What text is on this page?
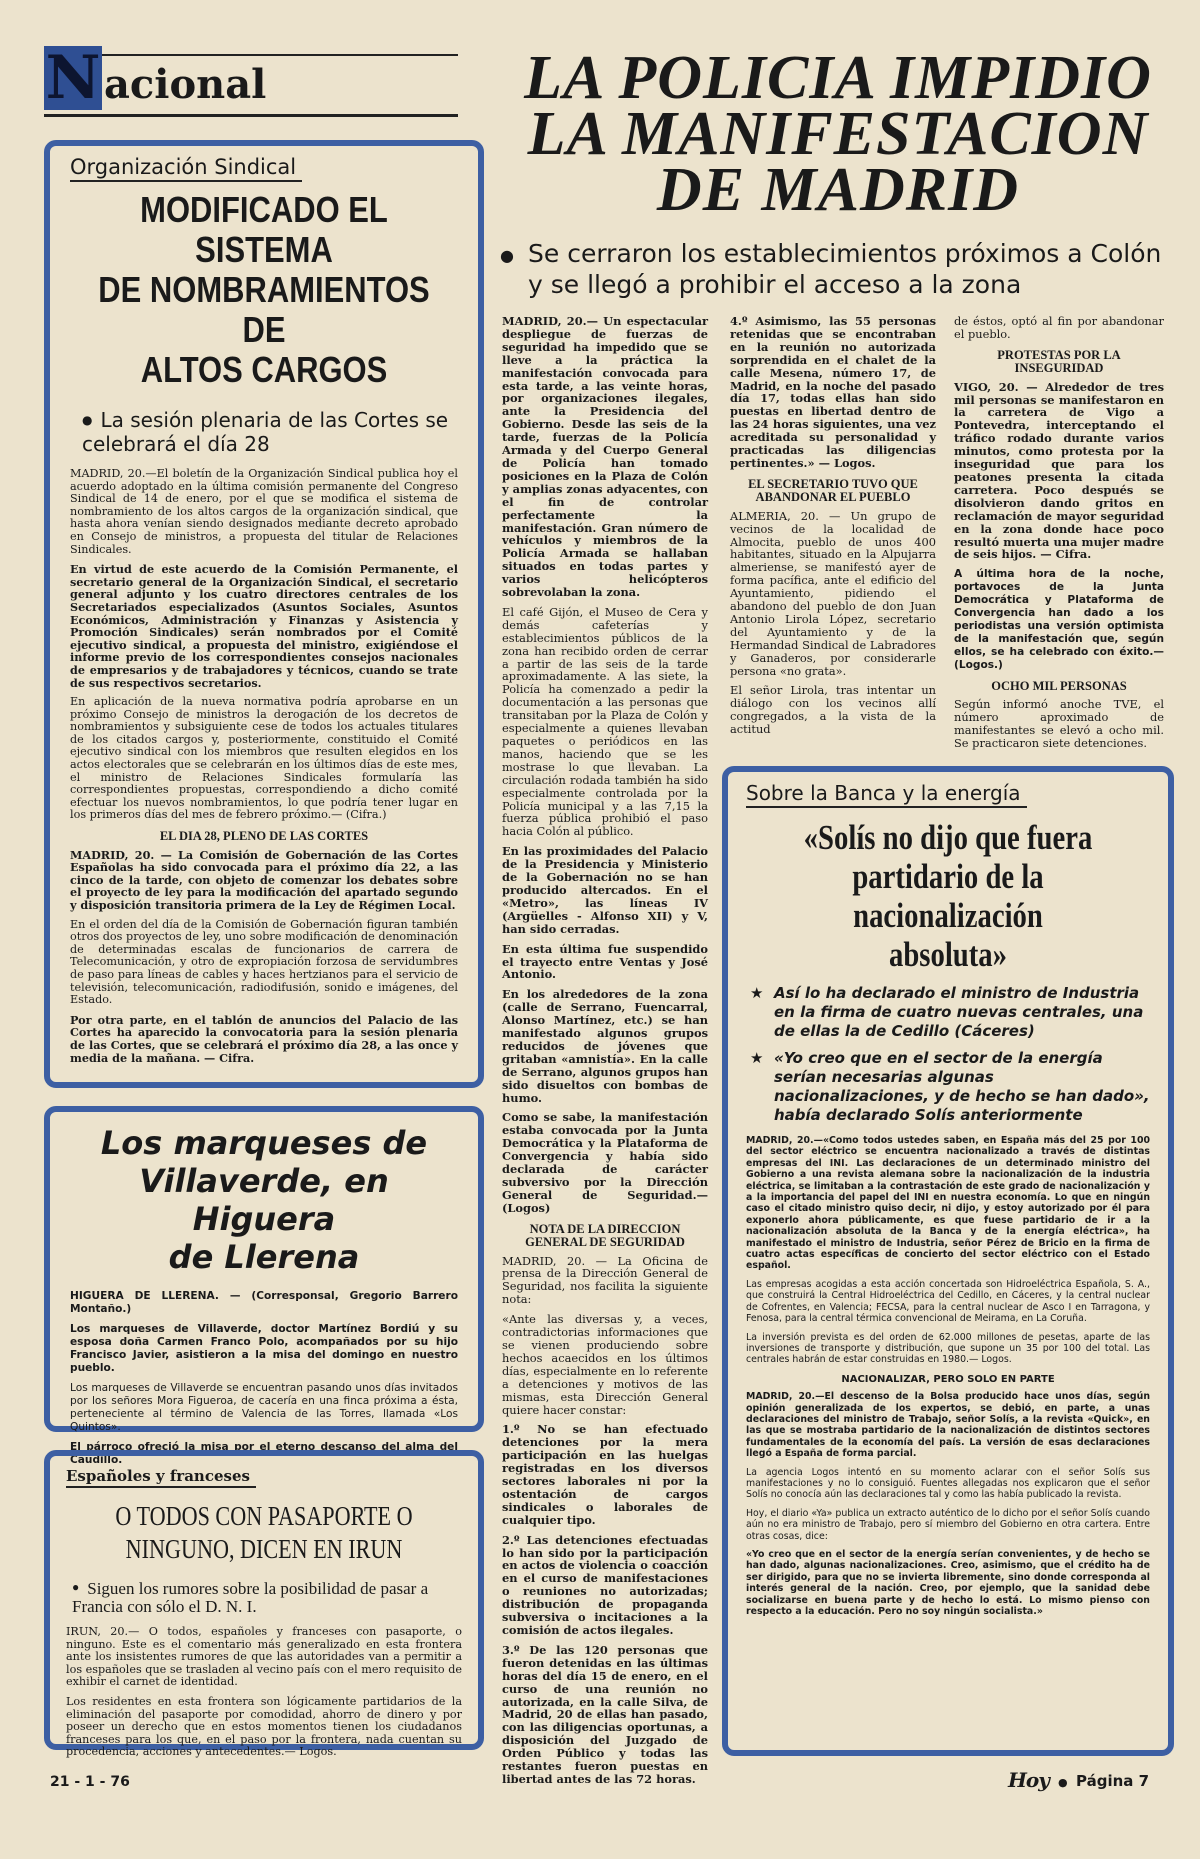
N acional	LA POLICIA IMPIDIO
LA MANIFESTACION
DE MADRID
● Se cerraron los establecimientos próximos a Colón y se llegó a prohibir el acceso a la zona

MADRID, 20.— Un espectacular despliegue de fuerzas de seguridad ha impedido que se lleve a la práctica la manifestación convocada para esta tarde, a las veinte horas, por organizaciones ilegales, ante la Presidencia del Gobierno. Desde las seis de la tarde, fuerzas de la Policía Armada y del Cuerpo General de Policía han tomado posiciones en la Plaza de Colón y amplias zonas adyacentes, con el fin de controlar perfectamente la manifestación. Gran número de vehículos y miembros de la Policía Armada se hallaban situados en todas partes y varios helicópteros sobrevolaban la zona.

El café Gijón, el Museo de Cera y demás cafeterías y establecimientos públicos de la zona han recibido orden de cerrar a partir de las seis de la tarde aproximadamente. A las siete, la Policía ha comenzado a pedir la documentación a las personas que transitaban por la Plaza de Colón y especialmente a quienes llevaban paquetes o periódicos en las manos, haciendo que se les mostrase lo que llevaban. La circulación rodada también ha sido especialmente controlada por la Policía municipal y a las 7,15 la fuerza pública prohibió el paso hacia Colón al público.

En las proximidades del Palacio de la Presidencia y Ministerio de la Gobernación no se han producido altercados. En el «Metro», las líneas IV (Argüelles - Alfonso XII) y V, han sido cerradas.

En esta última fue suspendido el trayecto entre Ventas y José Antonio.

En los alrededores de la zona (calle de Serrano, Fuencarral, Alonso Martínez, etc.) se han manifestado algunos grupos reducidos de jóvenes que gritaban «amnistía». En la calle de Serrano, algunos grupos han sido disueltos con bombas de humo.

Como se sabe, la manifestación estaba convocada por la Junta Democrática y la Plataforma de Convergencia y había sido declarada de carácter subversivo por la Dirección General de Seguridad.— (Logos)

NOTA DE LA DIRECCION GENERAL DE SEGURIDAD

MADRID, 20. — La Oficina de prensa de la Dirección General de Seguridad, nos facilita la siguiente nota:

«Ante las diversas y, a veces, contradictorias informaciones que se vienen produciendo sobre hechos acaecidos en los últimos días, especialmente en lo referente a detenciones y motivos de las mismas, esta Dirección General quiere hacer constar:

1.º No se han efectuado detenciones por la mera participación en las huelgas registradas en los diversos sectores laborales ni por la ostentación de cargos sindicales o laborales de cualquier tipo.

2.º Las detenciones efectuadas lo han sido por la participación en actos de violencia o coacción en el curso de manifestaciones o reuniones no autorizadas; distribución de propaganda subversiva o incitaciones a la comisión de actos ilegales.

3.º De las 120 personas que fueron detenidas en las últimas horas del día 15 de enero, en el curso de una reunión no autorizada, en la calle Silva, de Madrid, 20 de ellas han pasado, con las diligencias oportunas, a disposición del Juzgado de Orden Público y todas las restantes fueron puestas en libertad antes de las 72 horas.

4.º Asimismo, las 55 personas retenidas que se encontraban en la reunión no autorizada sorprendida en el chalet de la calle Mesena, número 17, de Madrid, en la noche del pasado día 17, todas ellas han sido puestas en libertad dentro de las 24 horas siguientes, una vez acreditada su personalidad y practicadas las diligencias pertinentes.» — Logos.

EL SECRETARIO TUVO QUE ABANDONAR EL PUEBLO

ALMERIA, 20. — Un grupo de vecinos de la localidad de Almocita, pueblo de unos 400 habitantes, situado en la Alpujarra almeriense, se manifestó ayer de forma pacífica, ante el edificio del Ayuntamiento, pidiendo el abandono del pueblo de don Juan Antonio Lirola López, secretario del Ayuntamiento y de la Hermandad Sindical de Labradores y Ganaderos, por considerarle persona «no grata».

El señor Lirola, tras intentar un diálogo con los vecinos allí congregados, a la vista de la actitud

de éstos, optó al fin por abandonar el pueblo.

PROTESTAS POR LA INSEGURIDAD

VIGO, 20. — Alrededor de tres mil personas se manifestaron en la carretera de Vigo a Pontevedra, interceptando el tráfico rodado durante varios minutos, como protesta por la inseguridad que para los peatones presenta la citada carretera. Poco después se disolvieron dando gritos en reclamación de mayor seguridad en la zona donde hace poco resultó muerta una mujer madre de seis hijos. — Cifra.

A última hora de la noche, portavoces de la Junta Democrática y Plataforma de Convergencia han dado a los periodistas una versión optimista de la manifestación que, según ellos, se ha celebrado con éxito.—(Logos.)

OCHO MIL PERSONAS

Según informó anoche TVE, el número aproximado de manifestantes se elevó a ocho mil. Se practicaron siete detenciones.

Organización Sindical
MODIFICADO EL SISTEMA
DE NOMBRAMIENTOS DE
ALTOS CARGOS
● La sesión plenaria de las Cortes se celebrará el día 28

MADRID, 20.—El boletín de la Organización Sindical publica hoy el acuerdo adoptado en la última comisión permanente del Congreso Sindical de 14 de enero, por el que se modifica el sistema de nombramiento de los altos cargos de la organización sindical, que hasta ahora venían siendo designados mediante decreto aprobado en Consejo de ministros, a propuesta del titular de Relaciones Sindicales.

En virtud de este acuerdo de la Comisión Permanente, el secretario general de la Organización Sindical, el secretario general adjunto y los cuatro directores centrales de los Secretariados especializados (Asuntos Sociales, Asuntos Económicos, Administración y Finanzas y Asistencia y Promoción Sindicales) serán nombrados por el Comité ejecutivo sindical, a propuesta del ministro, exigiéndose el informe previo de los correspondientes consejos nacionales de empresarios y de trabajadores y técnicos, cuando se trate de sus respectivos secretarios.

En aplicación de la nueva normativa podría aprobarse en un próximo Consejo de ministros la derogación de los decretos de nombramientos y subsiguiente cese de todos los actuales titulares de los citados cargos y, posteriormente, constituido el Comité ejecutivo sindical con los miembros que resulten elegidos en los actos electorales que se celebrarán en los últimos días de este mes, el ministro de Relaciones Sindicales formularía las correspondientes propuestas, correspondiendo a dicho comité efectuar los nuevos nombramientos, lo que podría tener lugar en los primeros días del mes de febrero próximo.— (Cifra.)

EL DIA 28, PLENO DE LAS CORTES

MADRID, 20. — La Comisión de Gobernación de las Cortes Españolas ha sido convocada para el próximo día 22, a las cinco de la tarde, con objeto de comenzar los debates sobre el proyecto de ley para la modificación del apartado segundo y disposición transitoria primera de la Ley de Régimen Local.

En el orden del día de la Comisión de Gobernación figuran también otros dos proyectos de ley, uno sobre modificación de denominación de determinadas escalas de funcionarios de carrera de Telecomunicación, y otro de expropiación forzosa de servidumbres de paso para líneas de cables y haces hertzianos para el servicio de televisión, telecomunicación, radiodifusión, sonido e imágenes, del Estado.

Por otra parte, en el tablón de anuncios del Palacio de las Cortes ha aparecido la convocatoria para la sesión plenaria de las Cortes, que se celebrará el próximo día 28, a las once y media de la mañana. — Cifra.

Los marqueses de
Villaverde, en Higuera
de Llerena

HIGUERA DE LLERENA. — (Corresponsal, Gregorio Barrero Montaño.)

Los marqueses de Villaverde, doctor Martínez Bordiú y su esposa doña Carmen Franco Polo, acompañados por su hijo Francisco Javier, asistieron a la misa del domingo en nuestro pueblo.

Los marqueses de Villaverde se encuentran pasando unos días invitados por los señores Mora Figueroa, de cacería en una finca próxima a ésta, perteneciente al término de Valencia de las Torres, llamada «Los Quintos».

El párroco ofreció la misa por el eterno descanso del alma del Caudillo.

Españoles y franceses
O TODOS CON PASAPORTE O
NINGUNO, DICEN EN IRUN
● Siguen los rumores sobre la posibilidad de pasar a Francia con sólo el D. N. I.

IRUN, 20.— O todos, españoles y franceses con pasaporte, o ninguno. Este es el comentario más generalizado en esta frontera ante los insistentes rumores de que las autoridades van a permitir a los españoles que se trasladen al vecino país con el mero requisito de exhibir el carnet de identidad.

Los residentes en esta frontera son lógicamente partidarios de la eliminación del pasaporte por comodidad, ahorro de dinero y por poseer un derecho que en estos momentos tienen los ciudadanos franceses para los que, en el paso por la frontera, nada cuentan su procedencia, acciones y antecedentes.— Logos.

Sobre la Banca y la energía
«Solís no dijo que fuera
partidario de la nacionalización
absoluta»
★ Así lo ha declarado el ministro de Industria en la firma de cuatro nuevas centrales, una de ellas la de Cedillo (Cáceres)
★ «Yo creo que en el sector de la energía serían necesarias algunas nacionalizaciones, y de hecho se han dado», había declarado Solís anteriormente

MADRID, 20.—«Como todos ustedes saben, en España más del 25 por 100 del sector eléctrico se encuentra nacionalizado a través de distintas empresas del INI. Las declaraciones de un determinado ministro del Gobierno a una revista alemana sobre la nacionalización de la industria eléctrica, se limitaban a la contrastación de este grado de nacionalización y a la importancia del papel del INI en nuestra economía. Lo que en ningún caso el citado ministro quiso decir, ni dijo, y estoy autorizado por él para exponerlo ahora públicamente, es que fuese partidario de ir a la nacionalización absoluta de la Banca y de la energía eléctrica», ha manifestado el ministro de Industria, señor Pérez de Bricio en la firma de cuatro actas específicas de concierto del sector eléctrico con el Estado español.

Las empresas acogidas a esta acción concertada son Hidroeléctrica Española, S. A., que construirá la Central Hidroeléctrica del Cedillo, en Cáceres, y la central nuclear de Cofrentes, en Valencia; FECSA, para la central nuclear de Asco I en Tarragona, y Fenosa, para la central térmica convencional de Meirama, en La Coruña.

La inversión prevista es del orden de 62.000 millones de pesetas, aparte de las inversiones de transporte y distribución, que supone un 35 por 100 del total. Las centrales habrán de estar construidas en 1980.— Logos.

NACIONALIZAR, PERO SOLO EN PARTE

MADRID, 20.—El descenso de la Bolsa producido hace unos días, según opinión generalizada de los expertos, se debió, en parte, a unas declaraciones del ministro de Trabajo, señor Solís, a la revista «Quick», en las que se mostraba partidario de la nacionalización de distintos sectores fundamentales de la economía del país. La versión de esas declaraciones llegó a España de forma parcial.

La agencia Logos intentó en su momento aclarar con el señor Solís sus manifestaciones y no lo consiguió. Fuentes allegadas nos explicaron que el señor Solís no conocía aún las declaraciones tal y como las había publicado la revista.

Hoy, el diario «Ya» publica un extracto auténtico de lo dicho por el señor Solís cuando aún no era ministro de Trabajo, pero sí miembro del Gobierno en otra cartera. Entre otras cosas, dice:

«Yo creo que en el sector de la energía serían convenientes, y de hecho se han dado, algunas nacionalizaciones. Creo, asimismo, que el crédito ha de ser dirigido, para que no se invierta libremente, sino donde corresponda al interés general de la nación. Creo, por ejemplo, que la sanidad debe socializarse en buena parte y de hecho lo está. Lo mismo pienso con respecto a la educación. Pero no soy ningún socialista.»

21 - 1 - 76	Hoy ● Página 7
